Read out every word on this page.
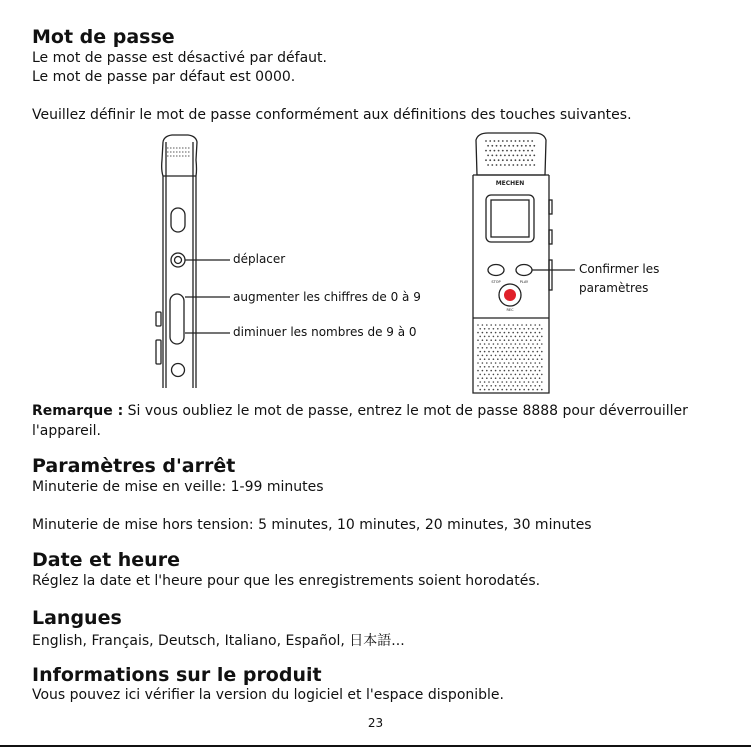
Mot de passe

Le mot de passe est désactivé par défaut.

Le mot de passe par défaut est 0000.

Veuillez définir le mot de passe conformément aux définitions des touches suivantes.

MECHEN
STOP	PLAY
REC
déplacer
augmenter les chiffres de 0 à 9
diminuer les nombres de 9 à 0
Confirmer les
paramètres

Remarque : Si vous oubliez le mot de passe, entrez le mot de passe 8888 pour déverrouiller

l'appareil.

Paramètres d'arrêt

Minuterie de mise en veille: 1-99 minutes

Minuterie de mise hors tension: 5 minutes, 10 minutes, 20 minutes, 30 minutes

Date et heure

Réglez la date et l'heure pour que les enregistrements soient horodatés.

Langues

English, Français, Deutsch, Italiano, Español, 日本語...

Informations sur le produit

Vous pouvez ici vérifier la version du logiciel et l'espace disponible.

23
